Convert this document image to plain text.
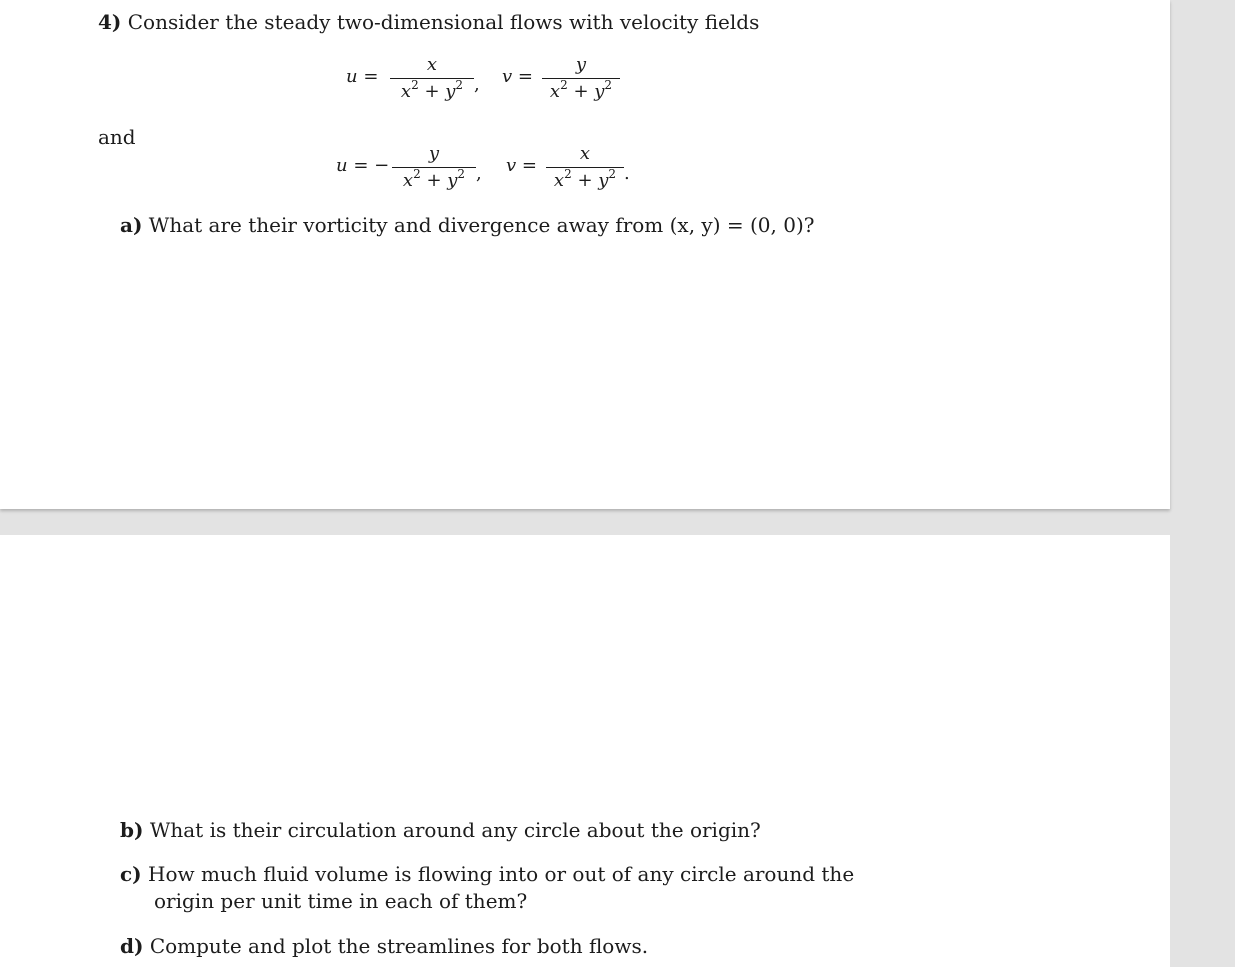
4) Consider the steady two-dimensional flows with velocity fields
u =
x
$x^2 + y^2$ , v =
y
$x^2 + y^2$
and
u = −
y
$x^2 + y^2$ , v =
x
$x^2 + y^2$ .
a) What are their vorticity and divergence away from (x, y) = (0, 0)?
b) What is their circulation around any circle about the origin?
c) How much fluid volume is flowing into or out of any circle around the
origin per unit time in each of them?
d) Compute and plot the streamlines for both flows.
